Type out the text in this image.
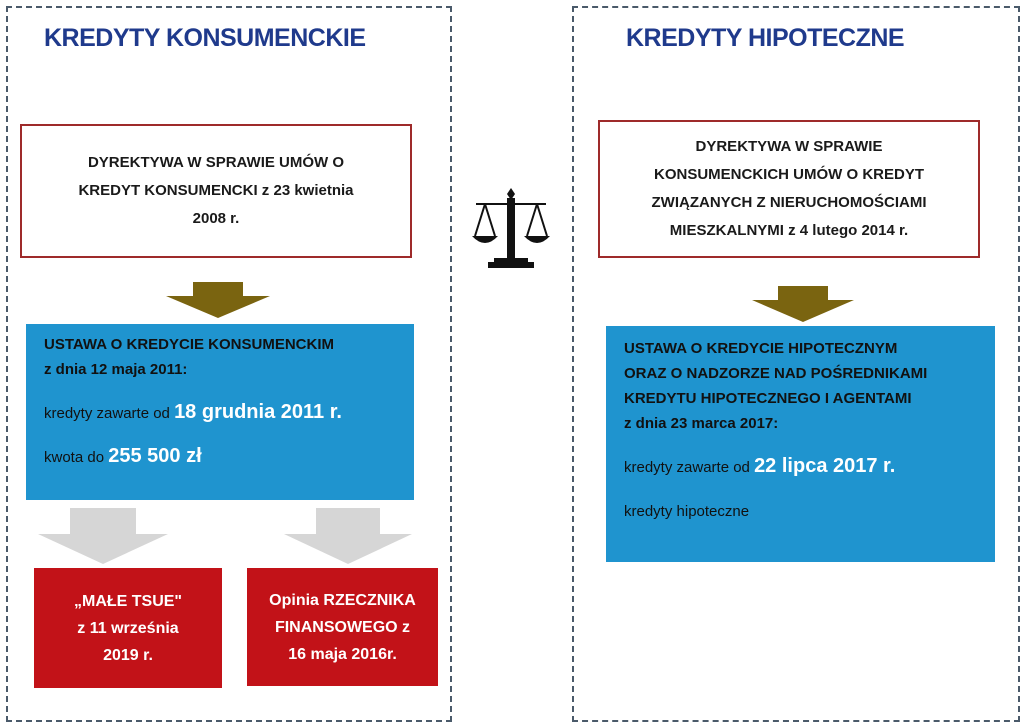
KREDYTY KONSUMENCKIE
DYREKTYWA W SPRAWIE UMÓW O
KREDYT KONSUMENCKI z 23 kwietnia
2008 r.
USTAWA O KREDYCIE KONSUMENCKIM
z dnia 12 maja 2011:
kredyty zawarte od 18 grudnia 2011 r.
kwota do 255 500 zł
„MAŁE TSUE"
z 11 września
2019 r.
Opinia RZECZNIKA
FINANSOWEGO z
16 maja 2016r.
KREDYTY HIPOTECZNE
DYREKTYWA W SPRAWIE
KONSUMENCKICH UMÓW O KREDYT
ZWIĄZANYCH Z NIERUCHOMOŚCIAMI
MIESZKALNYMI z 4 lutego 2014 r.
USTAWA O KREDYCIE HIPOTECZNYM
ORAZ O NADZORZE NAD POŚREDNIKAMI
KREDYTU HIPOTECZNEGO I AGENTAMI
z dnia 23 marca 2017:
kredyty zawarte od 22 lipca 2017 r.
kredyty hipoteczne
